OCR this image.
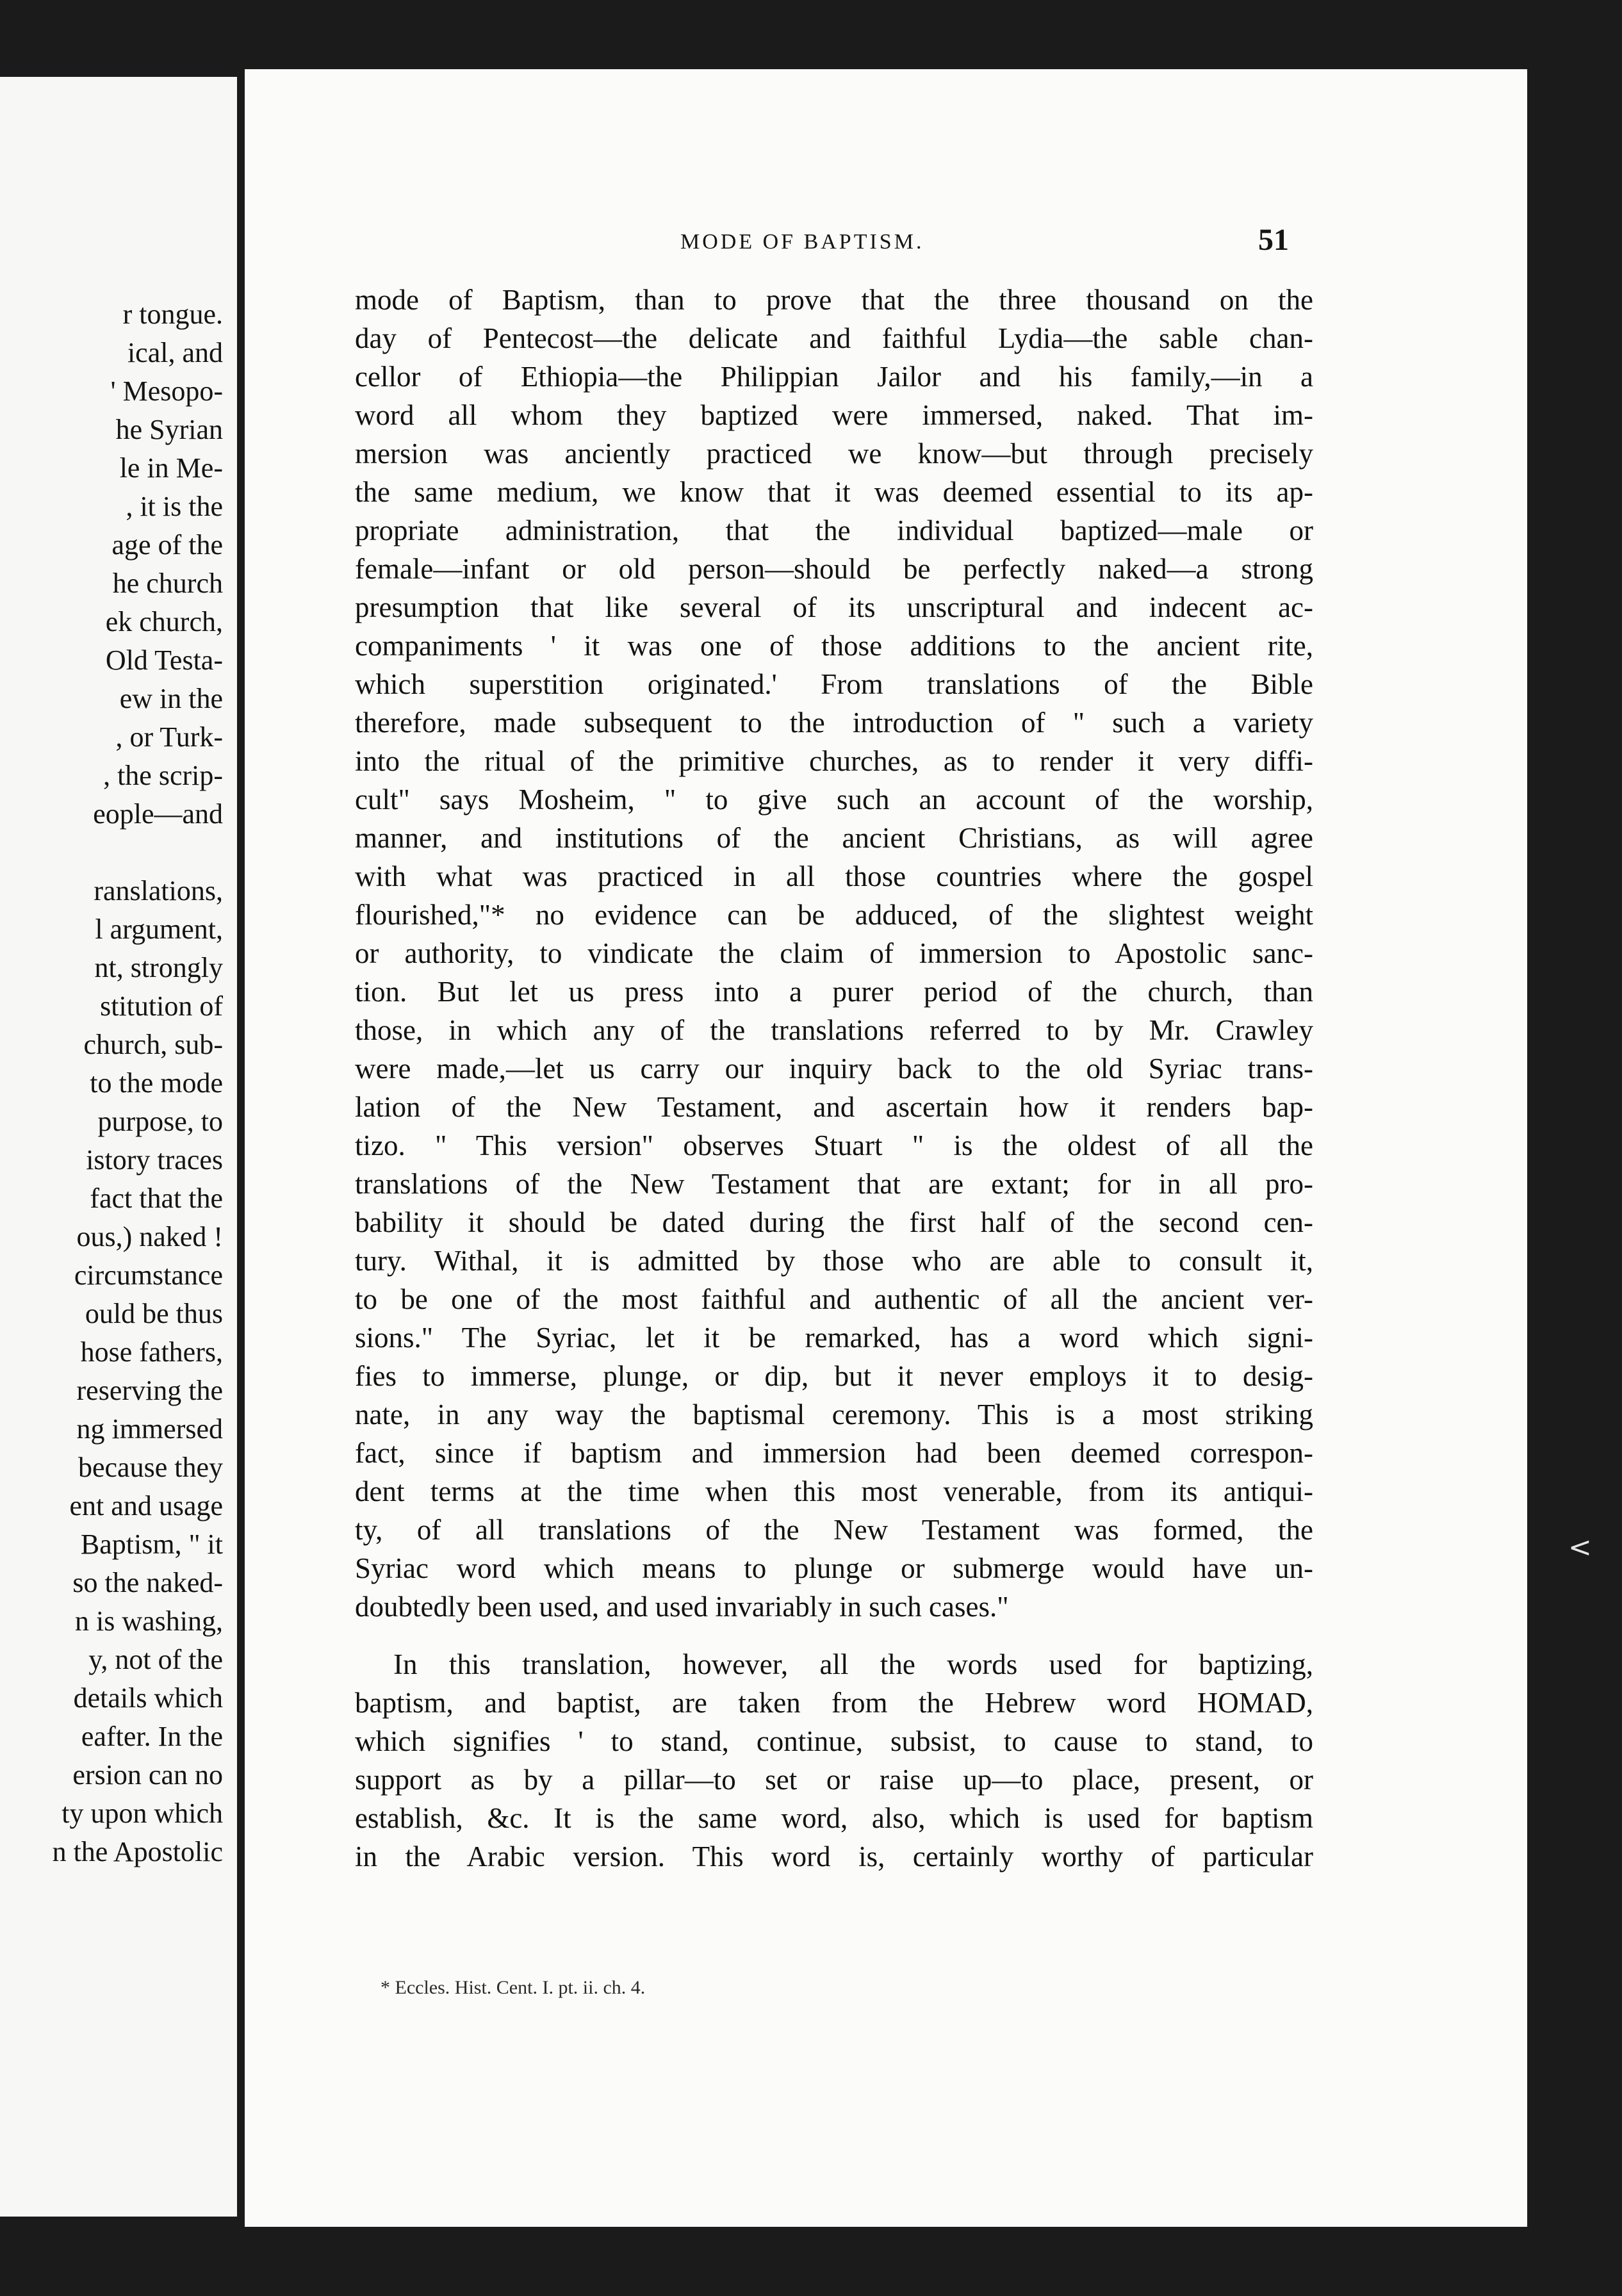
r tongue.
ical, and
' Mesopo-
he Syrian
le in Me-
, it is the
age of the
he church
ek church,
Old Testa-
ew in the
, or Turk-
, the scrip-
eople—and
ranslations,
l argument,
nt, strongly
stitution of
church, sub-
to the mode
purpose, to
istory traces
fact that the
ous,) naked !
circumstance
ould be thus
hose fathers,
reserving the
ng immersed
because they
ent and usage
Baptism, " it
so the naked-
n is washing,
y, not of the
details which
eafter. In the
ersion can no
ty upon which
n the Apostolic
MODE OF BAPTISM.	51
mode of Baptism, than to prove that the three thousand on the
day of Pentecost—the delicate and faithful Lydia—the sable chan-
cellor of Ethiopia—the Philippian Jailor and his family,—in a
word all whom they baptized were immersed, naked. That im-
mersion was anciently practiced we know—but through precisely
the same medium, we know that it was deemed essential to its ap-
propriate administration, that the individual baptized—male or
female—infant or old person—should be perfectly naked—a strong
presumption that like several of its unscriptural and indecent ac-
companiments ' it was one of those additions to the ancient rite,
which superstition originated.' From translations of the Bible
therefore, made subsequent to the introduction of " such a variety
into the ritual of the primitive churches, as to render it very diffi-
cult" says Mosheim, " to give such an account of the worship,
manner, and institutions of the ancient Christians, as will agree
with what was practiced in all those countries where the gospel
flourished,"* no evidence can be adduced, of the slightest weight
or authority, to vindicate the claim of immersion to Apostolic sanc-
tion. But let us press into a purer period of the church, than
those, in which any of the translations referred to by Mr. Crawley
were made,—let us carry our inquiry back to the old Syriac trans-
lation of the New Testament, and ascertain how it renders bap-
tizo. " This version" observes Stuart " is the oldest of all the
translations of the New Testament that are extant; for in all pro-
bability it should be dated during the first half of the second cen-
tury. Withal, it is admitted by those who are able to consult it,
to be one of the most faithful and authentic of all the ancient ver-
sions." The Syriac, let it be remarked, has a word which signi-
fies to immerse, plunge, or dip, but it never employs it to desig-
nate, in any way the baptismal ceremony. This is a most striking
fact, since if baptism and immersion had been deemed correspon-
dent terms at the time when this most venerable, from its antiqui-
ty, of all translations of the New Testament was formed, the
Syriac word which means to plunge or submerge would have un-
doubtedly been used, and used invariably in such cases."
In this translation, however, all the words used for baptizing,
baptism, and baptist, are taken from the Hebrew word HOMAD,
which signifies ' to stand, continue, subsist, to cause to stand, to
support as by a pillar—to set or raise up—to place, present, or
establish, &c. It is the same word, also, which is used for baptism
in the Arabic version. This word is, certainly worthy of particular
* Eccles. Hist. Cent. I. pt. ii. ch. 4.
<
